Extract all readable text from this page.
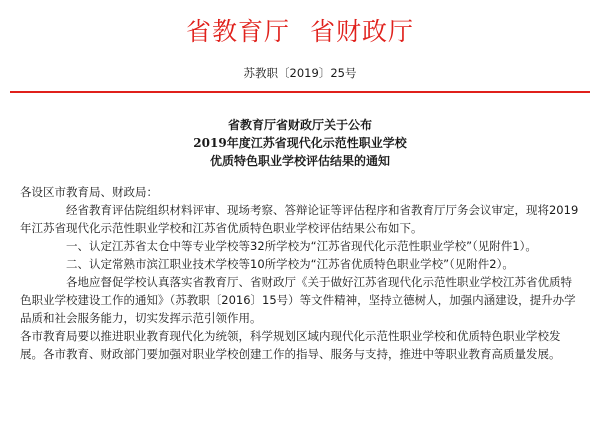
省教育厅 省财政厅
苏教职〔2019〕25号
省教育厅省财政厅关于公布
2019年度江苏省现代化示范性职业学校
优质特色职业学校评估结果的通知

各设区市教育局、财政局：

经省教育评估院组织材料评审、现场考察、答辩论证等评估程序和省教育厅厅务会议审定，现将2019年江苏省现代化示范性职业学校和江苏省优质特色职业学校评估结果公布如下。

一、认定江苏省太仓中等专业学校等32所学校为“江苏省现代化示范性职业学校”（见附件1）。

二、认定常熟市滨江职业技术学校等10所学校为“江苏省优质特色职业学校”（见附件2）。

各地应督促学校认真落实省教育厅、省财政厅《关于做好江苏省现代化示范性职业学校江苏省优质特色职业学校建设工作的通知》（苏教职〔2016〕15号）等文件精神，坚持立德树人，加强内涵建设，提升办学品质和社会服务能力，切实发挥示范引领作用。

各市教育局要以推进职业教育现代化为统领，科学规划区域内现代化示范性职业学校和优质特色职业学校发展。各市教育、财政部门要加强对职业学校创建工作的指导、服务与支持，推进中等职业教育高质量发展。
